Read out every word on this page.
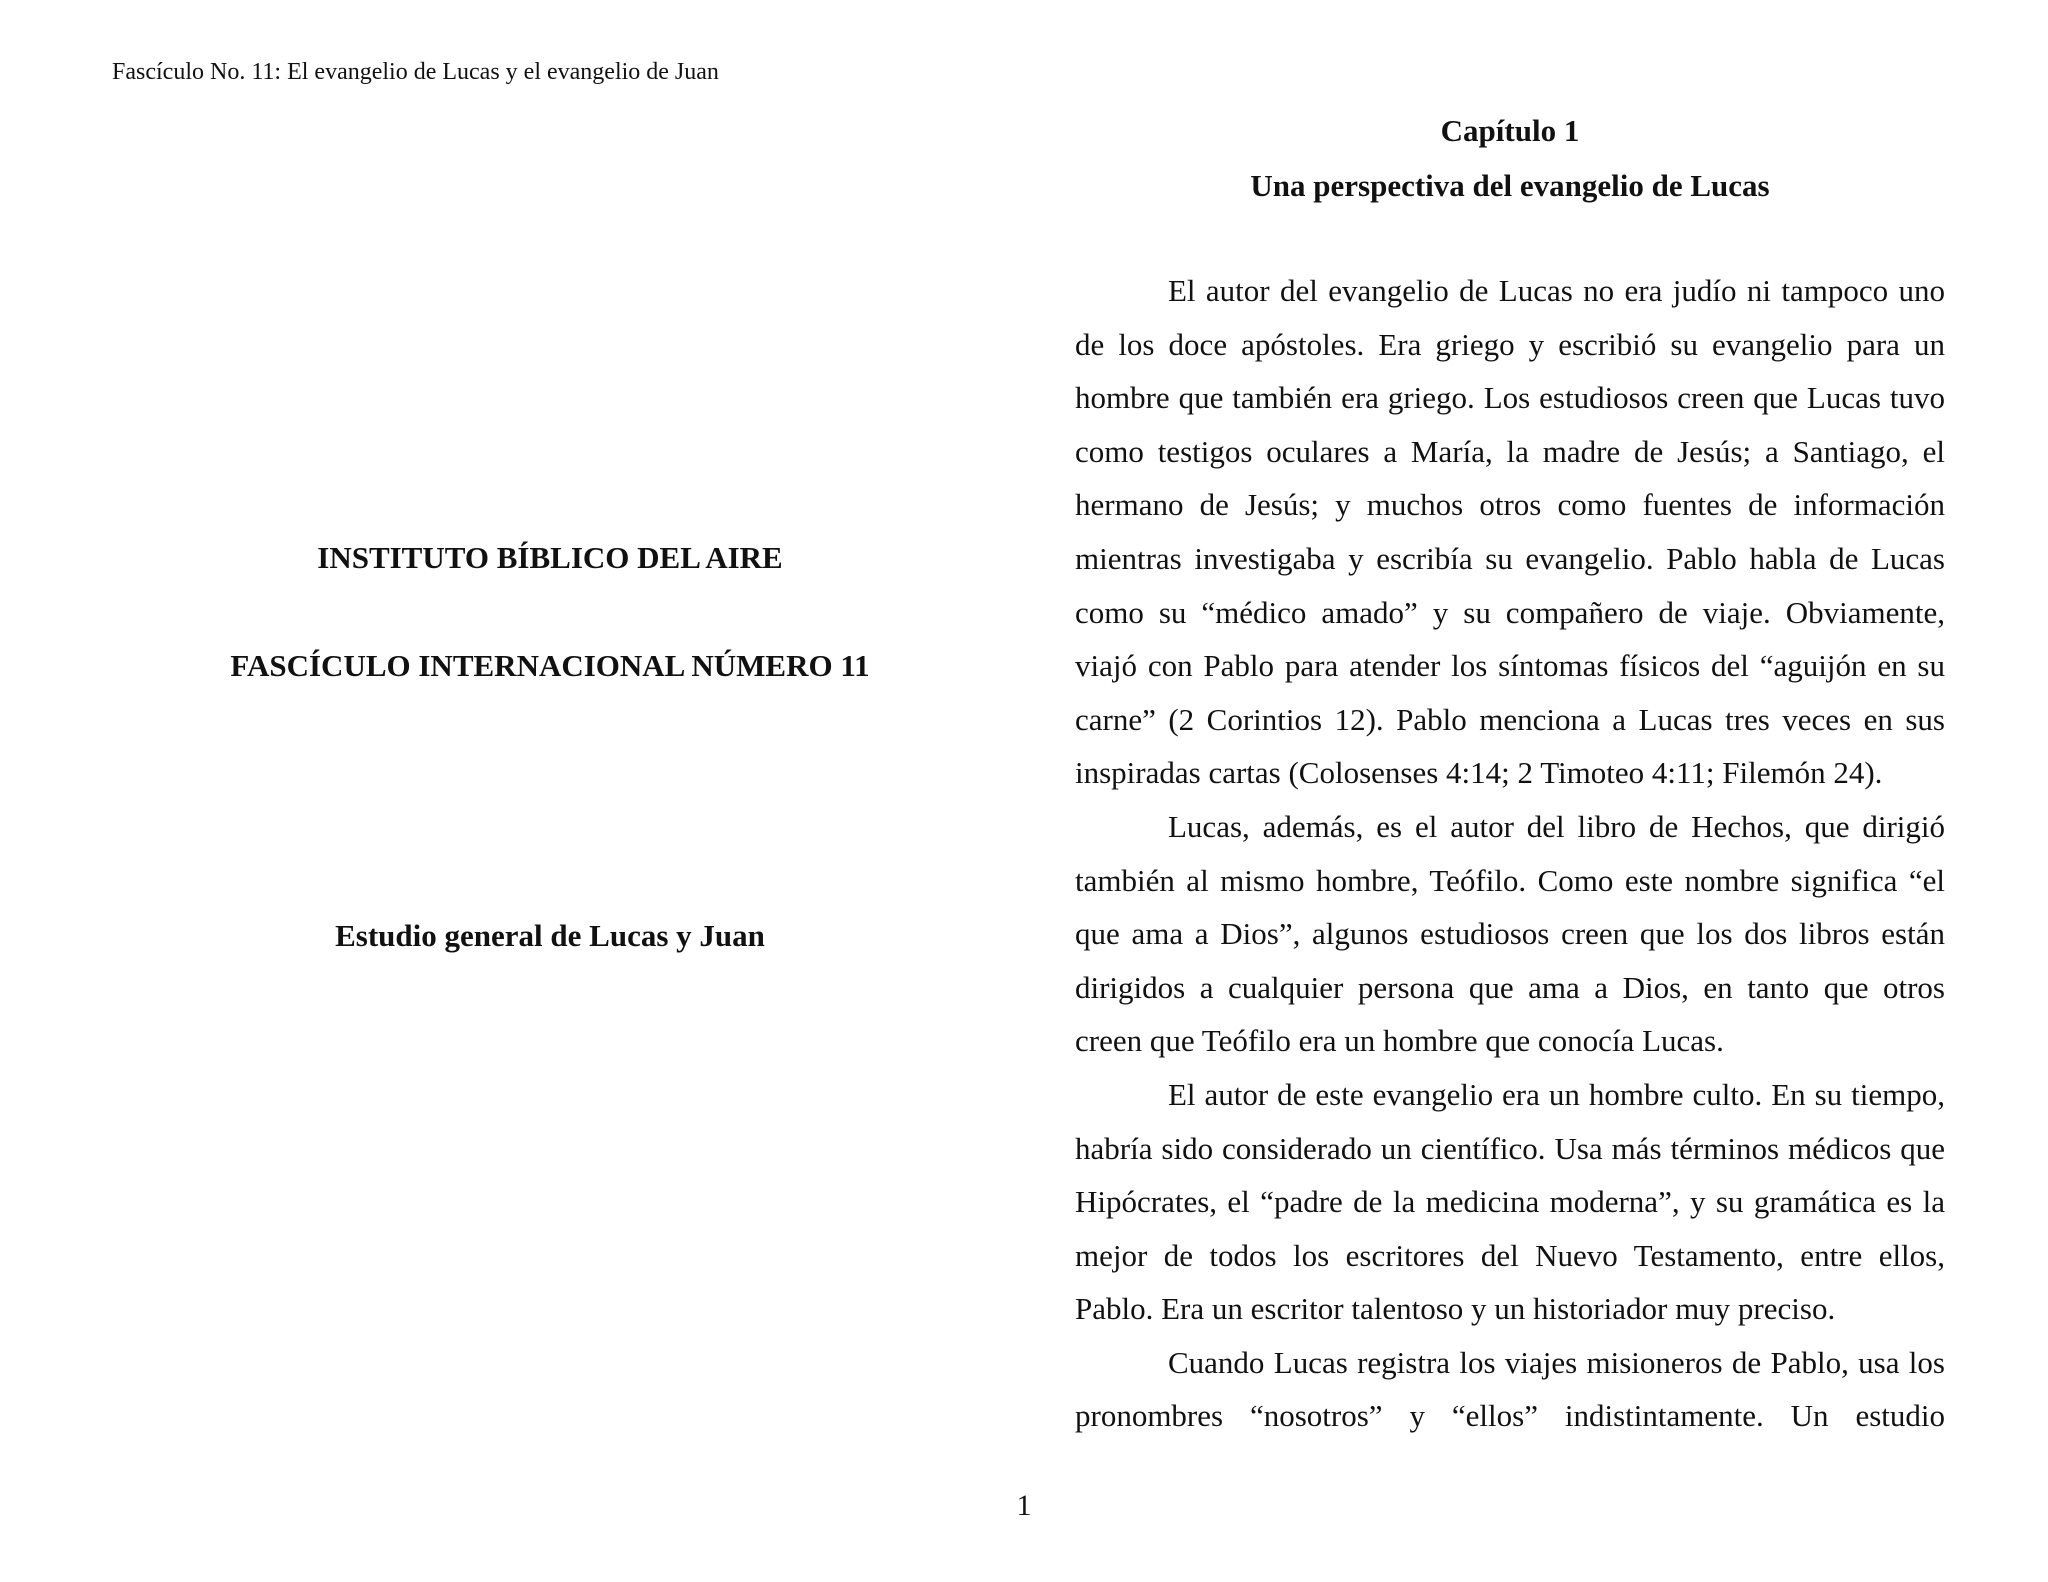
Fascículo No. 11: El evangelio de Lucas y el evangelio de Juan
INSTITUTO BÍBLICO DEL AIRE
FASCÍCULO INTERNACIONAL NÚMERO 11
Estudio general de Lucas y Juan
Capítulo 1
Una perspectiva del evangelio de Lucas

El autor del evangelio de Lucas no era judío ni tampoco uno de los doce apóstoles. Era griego y escribió su evangelio para un hombre que también era griego. Los estudiosos creen que Lucas tuvo como testigos oculares a María, la madre de Jesús; a Santiago, el hermano de Jesús; y muchos otros como fuentes de información mientras investigaba y escribía su evangelio. Pablo habla de Lucas como su “médico amado” y su compañero de viaje. Obviamente, viajó con Pablo para atender los síntomas físicos del “aguijón en su carne” (2 Corintios 12). Pablo menciona a Lucas tres veces en sus inspiradas cartas (Colosenses 4:14; 2 Timoteo 4:11; Filemón 24).

Lucas, además, es el autor del libro de Hechos, que dirigió también al mismo hombre, Teófilo. Como este nombre significa “el que ama a Dios”, algunos estudiosos creen que los dos libros están dirigidos a cualquier persona que ama a Dios, en tanto que otros creen que Teófilo era un hombre que conocía Lucas.

El autor de este evangelio era un hombre culto. En su tiempo, habría sido considerado un científico. Usa más términos médicos que Hipócrates, el “padre de la medicina moderna”, y su gramática es la mejor de todos los escritores del Nuevo Testamento, entre ellos, Pablo. Era un escritor talentoso y un historiador muy preciso.

Cuando Lucas registra los viajes misioneros de Pablo, usa los pronombres “nosotros” y “ellos” indistintamente. Un estudio

1
